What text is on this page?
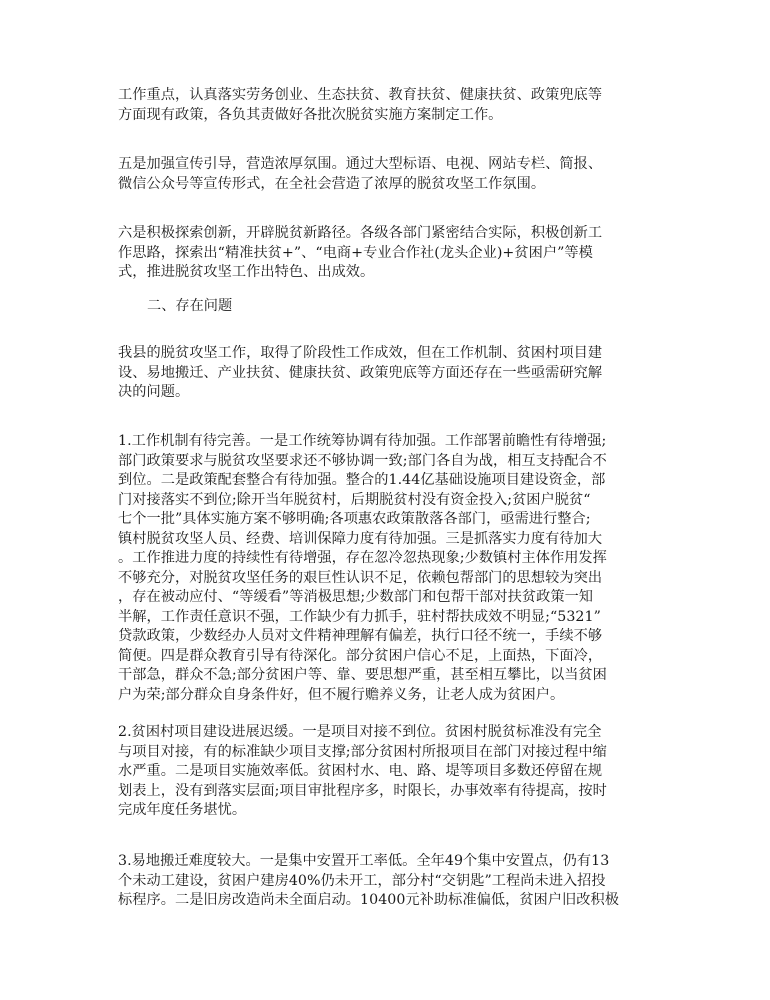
工作重点，认真落实劳务创业、生态扶贫、教育扶贫、健康扶贫、政策兜底等
方面现有政策，各负其责做好各批次脱贫实施方案制定工作。

五是加强宣传引导，营造浓厚氛围。通过大型标语、电视、网站专栏、简报、
微信公众号等宣传形式，在全社会营造了浓厚的脱贫攻坚工作氛围。

六是积极探索创新，开辟脱贫新路径。各级各部门紧密结合实际，积极创新工
作思路，探索出“精准扶贫+”、“电商+专业合作社(龙头企业)+贫困户”等模
式，推进脱贫攻坚工作出特色、出成效。

二、存在问题

我县的脱贫攻坚工作，取得了阶段性工作成效，但在工作机制、贫困村项目建
设、易地搬迁、产业扶贫、健康扶贫、政策兜底等方面还存在一些亟需研究解
决的问题。

1.工作机制有待完善。一是工作统筹协调有待加强。工作部署前瞻性有待增强;
部门政策要求与脱贫攻坚要求还不够协调一致;部门各自为战，相互支持配合不
到位。二是政策配套整合有待加强。整合的1.44亿基础设施项目建设资金，部
门对接落实不到位;除开当年脱贫村，后期脱贫村没有资金投入;贫困户脱贫“
七个一批”具体实施方案不够明确;各项惠农政策散落各部门，亟需进行整合;
镇村脱贫攻坚人员、经费、培训保障力度有待加强。三是抓落实力度有待加大
。工作推进力度的持续性有待增强，存在忽冷忽热现象;少数镇村主体作用发挥
不够充分，对脱贫攻坚任务的艰巨性认识不足，依赖包帮部门的思想较为突出
，存在被动应付、“等缓看”等消极思想;少数部门和包帮干部对扶贫政策一知
半解，工作责任意识不强，工作缺少有力抓手，驻村帮扶成效不明显;“5321”
贷款政策，少数经办人员对文件精神理解有偏差，执行口径不统一，手续不够
简便。四是群众教育引导有待深化。部分贫困户信心不足，上面热，下面冷，
干部急，群众不急;部分贫困户等、靠、要思想严重，甚至相互攀比，以当贫困
户为荣;部分群众自身条件好，但不履行赡养义务，让老人成为贫困户。

2.贫困村项目建设进展迟缓。一是项目对接不到位。贫困村脱贫标准没有完全
与项目对接，有的标准缺少项目支撑;部分贫困村所报项目在部门对接过程中缩
水严重。二是项目实施效率低。贫困村水、电、路、堤等项目多数还停留在规
划表上，没有到落实层面;项目审批程序多，时限长，办事效率有待提高，按时
完成年度任务堪忧。

3.易地搬迁难度较大。一是集中安置开工率低。全年49个集中安置点，仍有13
个未动工建设，贫困户建房40%仍未开工，部分村“交钥匙”工程尚未进入招投
标程序。二是旧房改造尚未全面启动。10400元补助标准偏低，贫困户旧改积极
